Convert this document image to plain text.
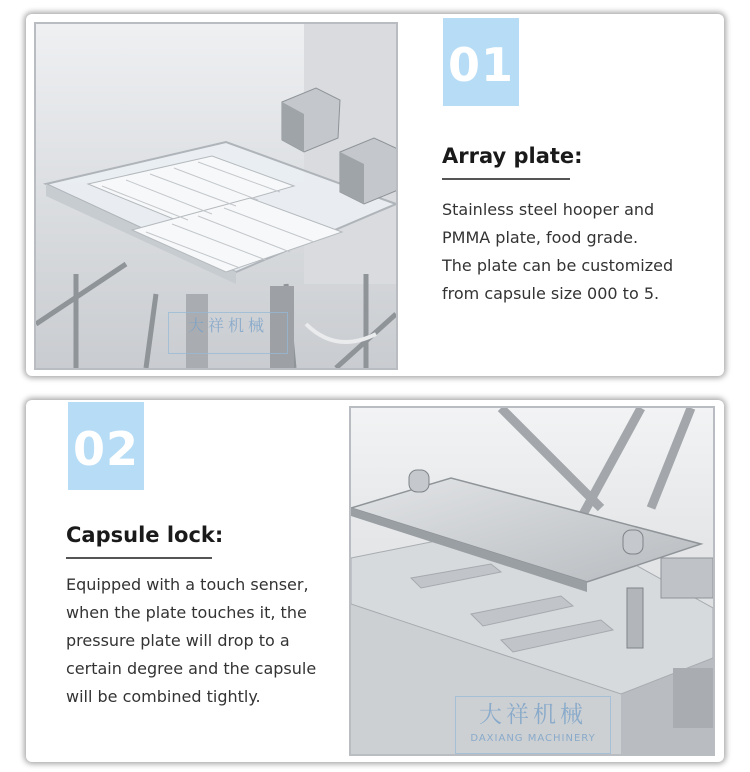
大祥机械
01
Array plate:
Stainless steel hooper and
PMMA plate, food grade.
The plate can be customized
from capsule size 000 to 5.
02
Capsule lock:
Equipped with a touch senser,
when the plate touches it, the
pressure plate will drop to a
certain degree and the capsule
will be combined tightly.
大祥机械
DAXIANG MACHINERY
